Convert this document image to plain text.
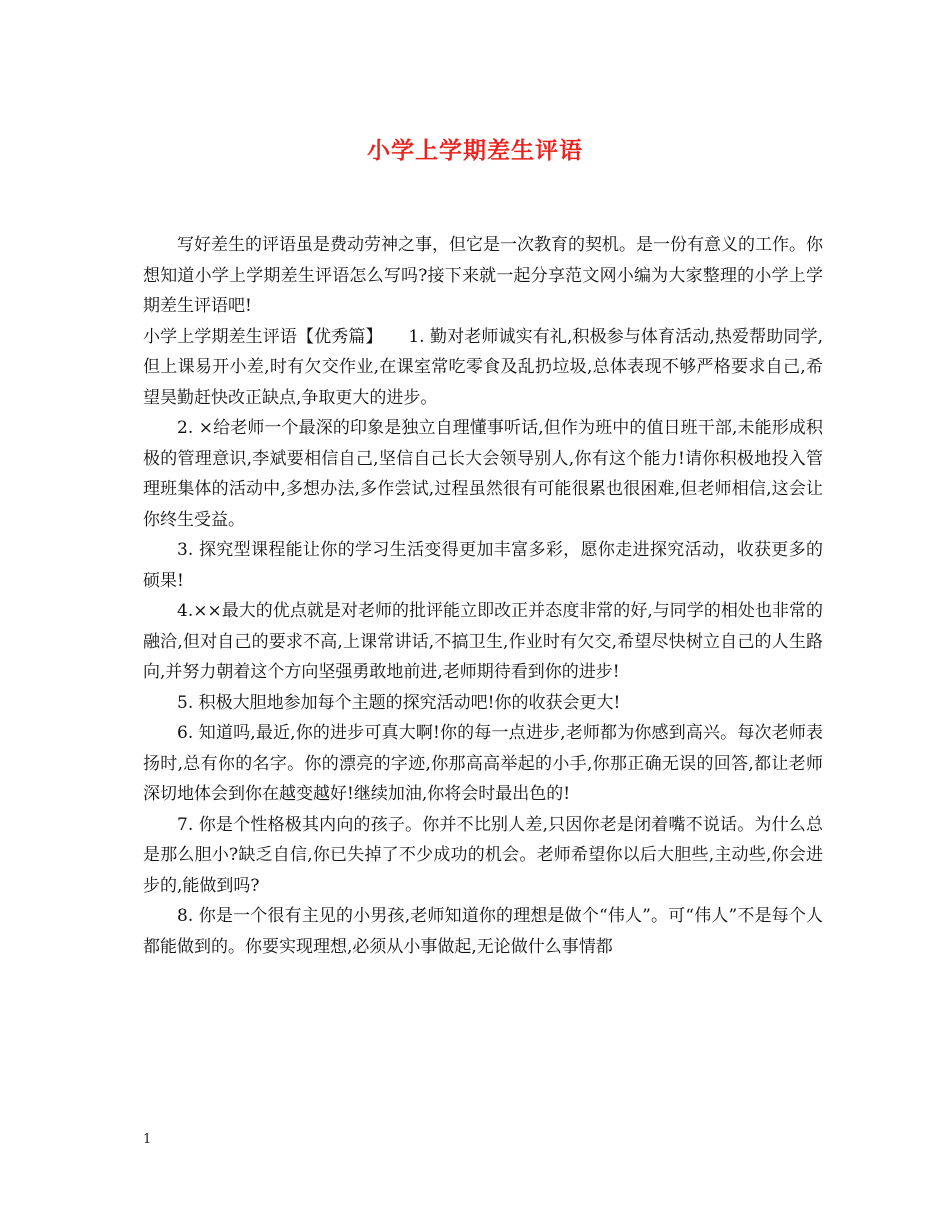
小学上学期差生评语

写好差生的评语虽是费动劳神之事，但它是一次教育的契机。是一份有意义的工作。你想知道小学上学期差生评语怎么写吗?接下来就一起分享范文网小编为大家整理的小学上学期差生评语吧!

小学上学期差生评语【优秀篇】　　1. 勤对老师诚实有礼,积极参与体育活动,热爱帮助同学,但上课易开小差,时有欠交作业,在课室常吃零食及乱扔垃圾,总体表现不够严格要求自己,希望昊勤赶快改正缺点,争取更大的进步。

2. ×给老师一个最深的印象是独立自理懂事听话,但作为班中的值日班干部,未能形成积极的管理意识,李斌要相信自己,坚信自己长大会领导别人,你有这个能力!请你积极地投入管理班集体的活动中,多想办法,多作尝试,过程虽然很有可能很累也很困难,但老师相信,这会让你终生受益。

3. 探究型课程能让你的学习生活变得更加丰富多彩，愿你走进探究活动，收获更多的硕果!

4.××最大的优点就是对老师的批评能立即改正并态度非常的好,与同学的相处也非常的融洽,但对自己的要求不高,上课常讲话,不搞卫生,作业时有欠交,希望尽快树立自己的人生路向,并努力朝着这个方向坚强勇敢地前进,老师期待看到你的进步!

5. 积极大胆地参加每个主题的探究活动吧!你的收获会更大!

6. 知道吗,最近,你的进步可真大啊!你的每一点进步,老师都为你感到高兴。每次老师表扬时,总有你的名字。你的漂亮的字迹,你那高高举起的小手,你那正确无误的回答,都让老师深切地体会到你在越变越好!继续加油,你将会时最出色的!

7. 你是个性格极其内向的孩子。你并不比别人差,只因你老是闭着嘴不说话。为什么总是那么胆小?缺乏自信,你已失掉了不少成功的机会。老师希望你以后大胆些,主动些,你会进步的,能做到吗?

8. 你是一个很有主见的小男孩,老师知道你的理想是做个“伟人”。可“伟人”不是每个人都能做到的。你要实现理想,必须从小事做起,无论做什么事情都

1
